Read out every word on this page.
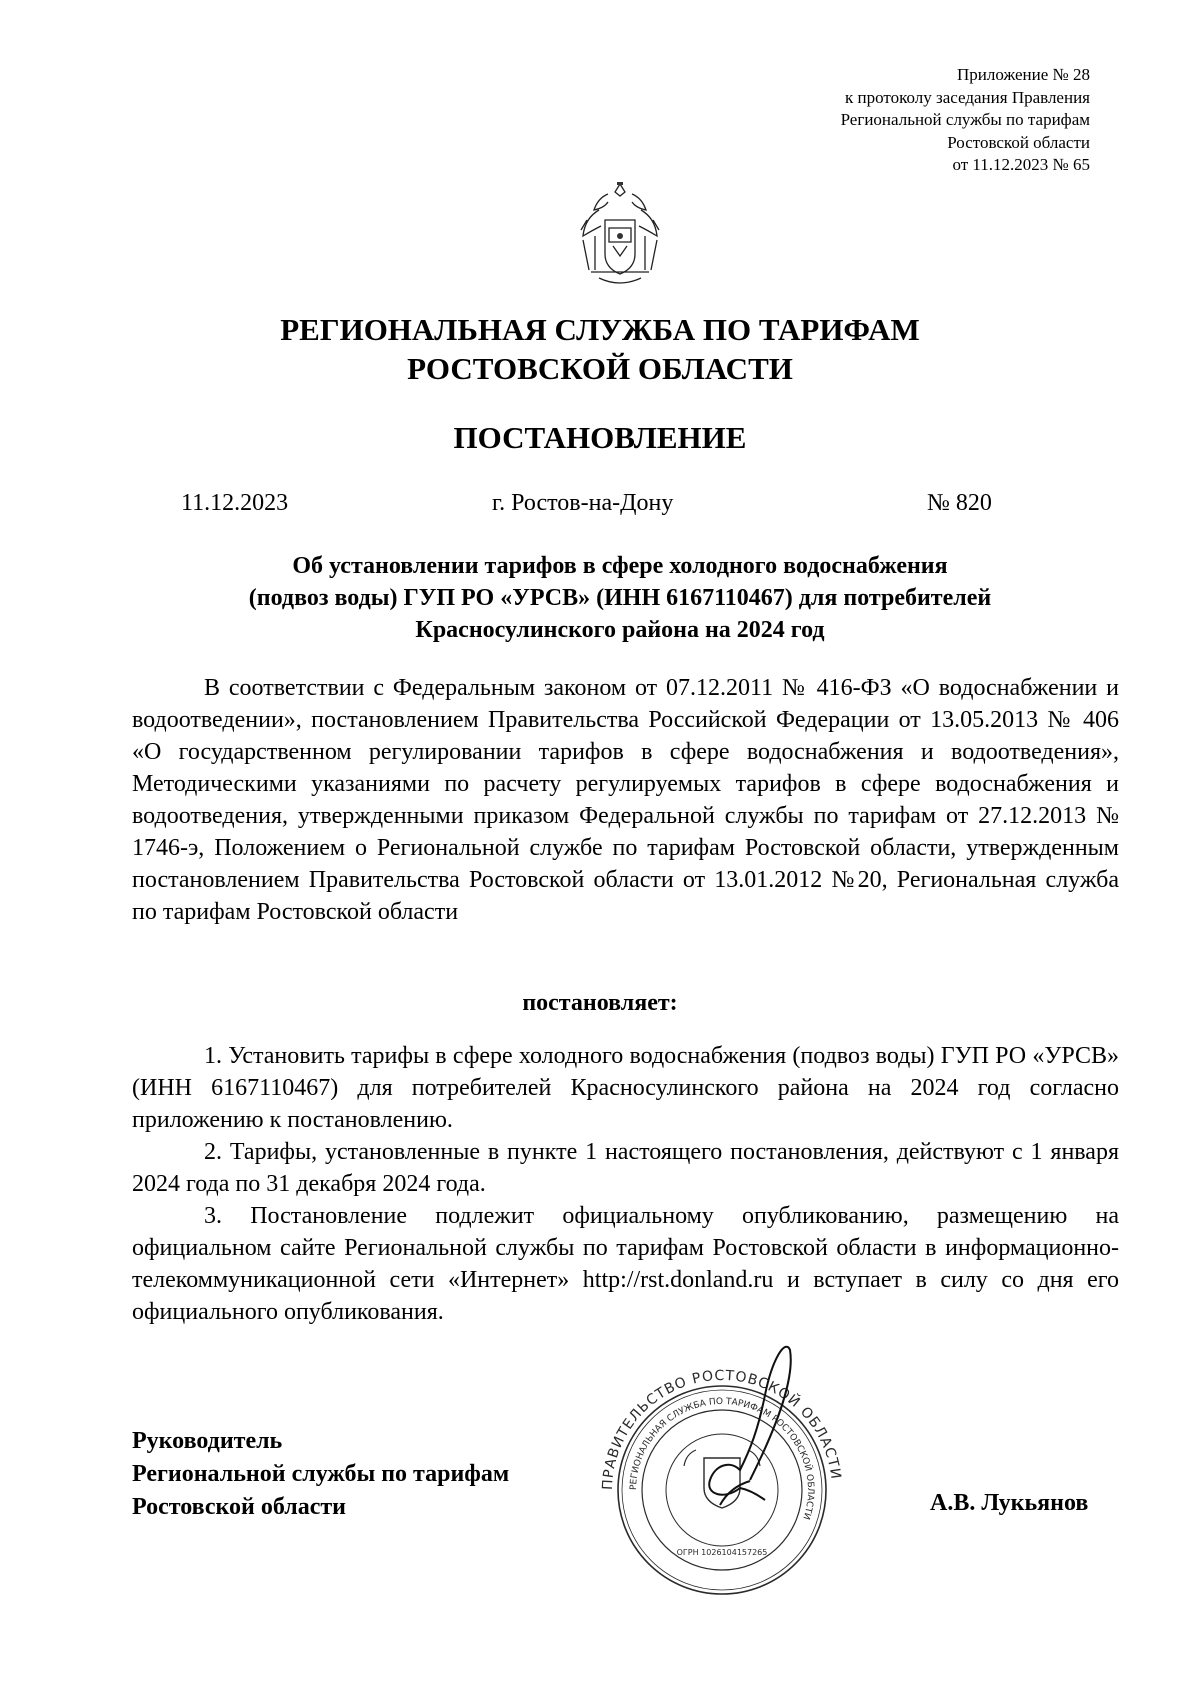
Приложение № 28
к протоколу заседания Правления
Региональной службы по тарифам
Ростовской области
от 11.12.2023 № 65
РЕГИОНАЛЬНАЯ СЛУЖБА ПО ТАРИФАМ
РОСТОВСКОЙ ОБЛАСТИ
ПОСТАНОВЛЕНИЕ
11.12.2023	г. Ростов-на-Дону	№ 820
Об установлении тарифов в сфере холодного водоснабжения
(подвоз воды) ГУП РО «УРСВ» (ИНН 6167110467) для потребителей
Красносулинского района на 2024 год

В соответствии с Федеральным законом от 07.12.2011 № 416-ФЗ «О водоснабжении и водоотведении», постановлением Правительства Российской Федерации от 13.05.2013 № 406 «О государственном регулировании тарифов в сфере водоснабжения и водоотведения», Методическими указаниями по расчету регулируемых тарифов в сфере водоснабжения и водоотведения, утвержденными приказом Федеральной службы по тарифам от 27.12.2013 № 1746-э, Положением о Региональной службе по тарифам Ростовской области, утвержденным постановлением Правительства Ростовской области от 13.01.2012 №20, Региональная служба по тарифам Ростовской области

постановляет:

1. Установить тарифы в сфере холодного водоснабжения (подвоз воды) ГУП РО «УРСВ» (ИНН 6167110467) для потребителей Красносулинского района на 2024 год согласно приложению к постановлению.

2. Тарифы, установленные в пункте 1 настоящего постановления, действуют с 1 января 2024 года по 31 декабря 2024 года.

3. Постановление подлежит официальному опубликованию, размещению на официальном сайте Региональной службы по тарифам Ростовской области в информационно-телекоммуникационной сети «Интернет» http://rst.donland.ru и вступает в силу со дня его официального опубликования.

Руководитель
Региональной службы по тарифам
Ростовской области
ПРАВИТЕЛЬСТВО РОСТОВСКОЙ ОБЛАСТИ
РЕГИОНАЛЬНАЯ СЛУЖБА ПО ТАРИФАМ РОСТОВСКОЙ ОБЛАСТИ
ОГРН 1026104157265
А.В. Лукьянов
